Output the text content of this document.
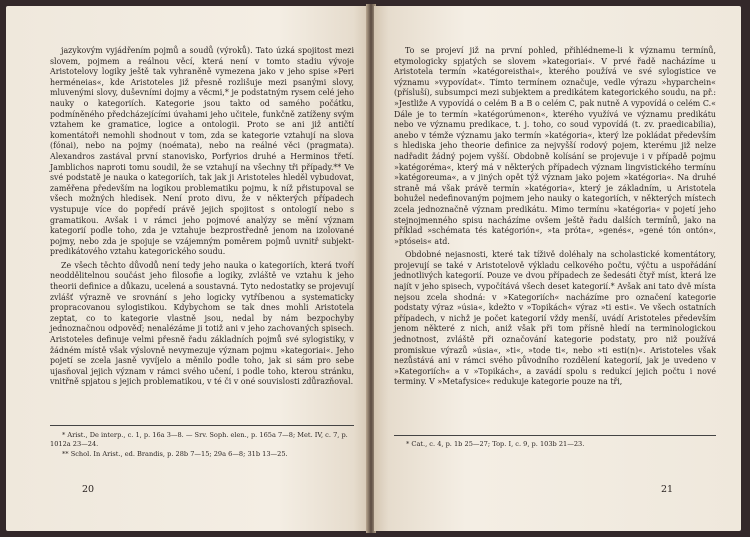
jazykovým vyjádřením pojmů a soudů (výroků). Tato úzká spojitost mezi slovem, pojmem a reálnou věcí, která není v tomto stadiu vývoje Aristotelovy logiky ještě tak vyhraněně vymezena jako v jeho spise »Peri herméneias«, kde Aristoteles již přesně rozlišuje mezi psanými slovy, mluvenými slovy, duševními dojmy a věcmi,* je podstatným rysem celé jeho nauky o kategoriích. Kategorie jsou takto od samého počátku, podmíněného předcházejícími úvahami jeho učitele, funkčně zatíženy svým vztahem ke gramatice, logice a ontologii. Proto se ani již antičtí komentátoři nemohli shodnout v tom, zda se kategorie vztahují na slova (fónai), nebo na pojmy (noémata), nebo na reálné věci (pragmata). Alexandros zastával první stanovisko, Porfyrios druhé a Herminos třetí. Jamblichos naproti tomu soudil, že se vztahují na všechny tři případy.** Ve své podstatě je nauka o kategoriích, tak jak ji Aristoteles hleděl vybudovat, zaměřena především na logikou problematiku pojmu, k níž přistupoval se všech možných hledisek. Není proto divu, že v některých případech vystupuje více do popředí právě jejich spojitost s ontologií nebo s gramatikou. Avšak i v rámci jeho pojmové analýzy se mění význam kategorií podle toho, zda je vztahuje bezprostředně jenom na izolované pojmy, nebo zda je spojuje se vzájemným poměrem pojmů uvnitř subjekt-predikátového vztahu kategorického soudu.

Ze všech těchto důvodů není tedy jeho nauka o kategoriích, která tvoří neoddělitelnou součást jeho filosofie a logiky, zvláště ve vztahu k jeho theorii definice a důkazu, ucelená a soustavná. Tyto nedostatky se projevují zvlášť výrazně ve srovnání s jeho logicky vytříbenou a systematicky propracovanou sylogistikou. Kdybychom se tak dnes mohli Aristotela zeptat, co to kategorie vlastně jsou, nedal by nám bezpochyby jednoznačnou odpověď; nenalézáme ji totiž ani v jeho zachovaných spisech. Aristoteles definuje velmi přesně řadu základních pojmů své sylogistiky, v žádném místě však výslovně nevymezuje význam pojmu »kategoriai«. Jeho pojetí se zcela jasně vyvíjelo a měnilo podle toho, jak si sám pro sebe ujasňoval jejich význam v rámci svého učení, i podle toho, kterou stránku, vnitřně spjatou s jejich problematikou, v té či v oné souvislosti zdůrazňoval.

* Arist., De interp., c. 1, p. 16a 3—8. — Srv. Soph. elen., p. 165a 7—8; Met. IV, c. 7, p. 1012a 23—24.
** Schol. In Arist., ed. Brandis, p. 28b 7—15; 29a 6—8; 31b 13—25.
20

To se projeví již na první pohled, přihlédneme-li k významu termínů, etymologicky spjatých se slovem »kategoriai«. V prvé řadě nacházíme u Aristotela termín »katégoreisthai«, kterého používá ve své sylogistice ve významu »vypovídat«. Tímto termínem označuje, vedle výrazu »hyparchein« (přísluší), subsumpci mezi subjektem a predikátem kategorického soudu, na př.: »Jestliže A vypovídá o celém B a B o celém C, pak nutně A vypovídá o celém C.« Dále je to termín »katégorúmenon«, kterého využívá ve významu predikátu nebo ve významu predikace, t. j. toho, co soud vypovídá (t. zv. praedicabilia), anebo v témže významu jako termín »katégoria«, který lze pokládat především s hlediska jeho theorie definice za nejvyšší rodový pojem, kterému již nelze nadřadit žádný pojem vyšší. Obdobně kolísání se projevuje i v případě pojmu »katégoréma«, který má v některých případech význam lingvistického termínu »katégoreuma«, a v jiných opět týž význam jako pojem »katégoria«. Na druhé straně má však právě termín »katégoria«, který je základním, u Aristotela bohužel nedefinovaným pojmem jeho nauky o kategoriích, v některých místech zcela jednoznačně význam predikátu. Mimo termínu »katégoria« v pojetí jeho stejnojmenného spisu nacházíme ovšem ještě řadu dalších termínů, jako na příklad »schémata tés katégorión«, »ta próta«, »genés«, »gené tón ontón«, »ptóseis« atd.

Obdobné nejasnosti, které tak tíživě doléhaly na scholastické komentátory, projevují se také v Aristotelově výkladu celkového počtu, výčtu a uspořádání jednotlivých kategorií. Pouze ve dvou případech ze šedesáti čtyř míst, která lze najít v jeho spisech, vypočítává všech deset kategorií.* Avšak ani tato dvě místa nejsou zcela shodná: v »Kategoriích« nacházíme pro označení kategorie podstaty výraz »úsia«, kdežto v »Topikách« výraz »ti esti«. Ve všech ostatních případech, v nichž je počet kategorií vždy menší, uvádí Aristoteles především jenom některé z nich, aniž však při tom přísně hledí na terminologickou jednotnost, zvláště při označování kategorie podstaty, pro niž používá promiskue výrazů »úsia«, »ti«, »tode ti«, nebo »ti esti(n)«. Aristoteles však nezůstává ani v rámci svého původního rozdělení kategorií, jak je uvedeno v »Kategoriích« a v »Topikách«, a zavádí spolu s redukcí jejich počtu i nové terminy. V »Metafysice« redukuje kategorie pouze na tři,

* Cat., c. 4, p. 1b 25—27; Top. I, c. 9, p. 103b 21—23.
21
